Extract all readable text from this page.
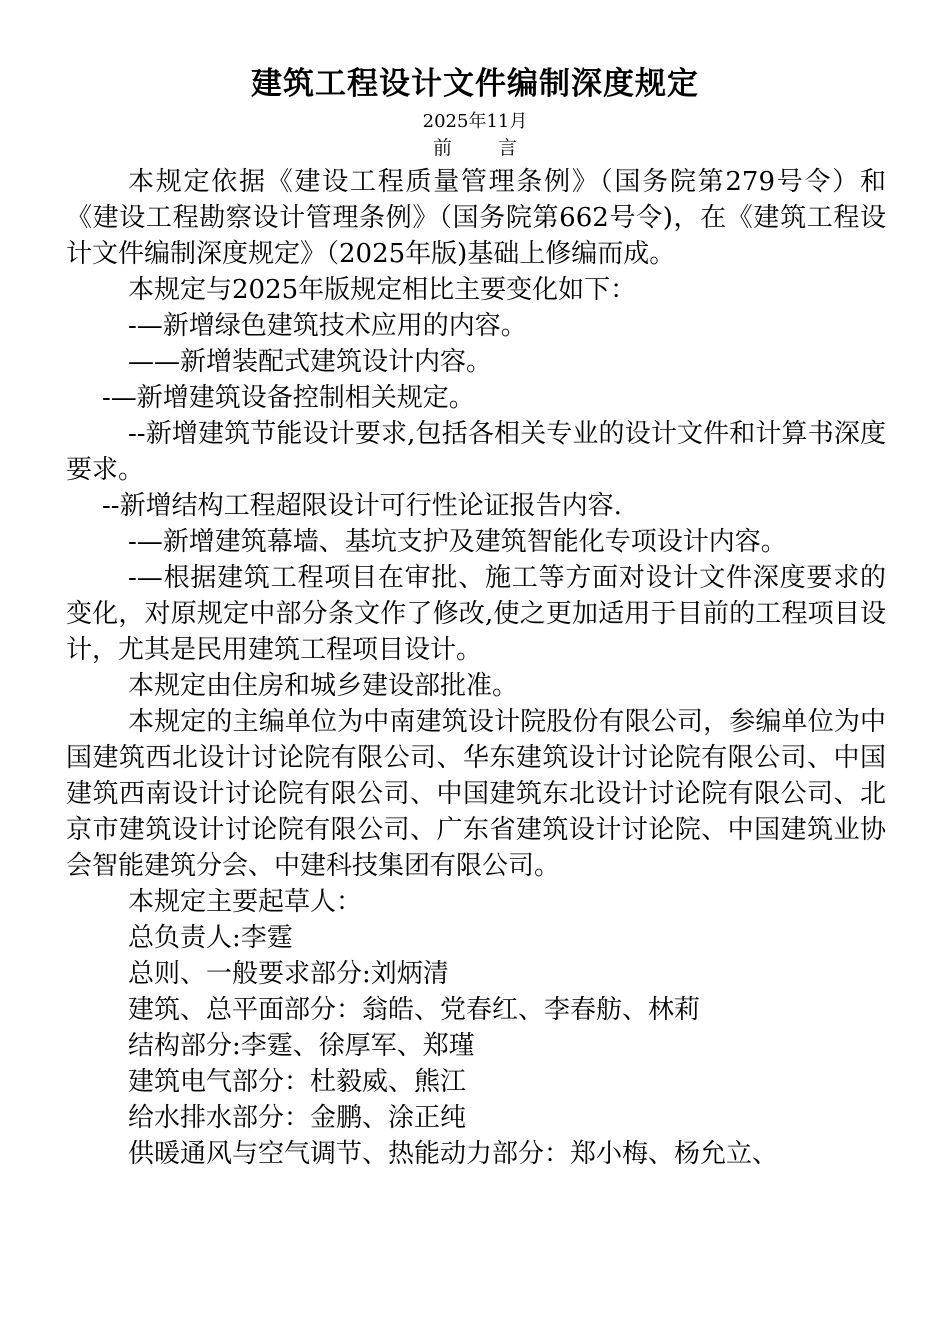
建筑工程设计文件编制深度规定
2025年11月
前 言

本规定依据《建设工程质量管理条例》（国务院第279号令）和《建设工程勘察设计管理条例》（国务院第662号令)，在《建筑工程设计文件编制深度规定》（2025年版)基础上修编而成。

本规定与2025年版规定相比主要变化如下：

-—新增绿色建筑技术应用的内容。

——新增装配式建筑设计内容。

-—新增建筑设备控制相关规定。

--新增建筑节能设计要求,包括各相关专业的设计文件和计算书深度要求。

--新增结构工程超限设计可行性论证报告内容.

-—新增建筑幕墙、基坑支护及建筑智能化专项设计内容。

-—根据建筑工程项目在审批、施工等方面对设计文件深度要求的变化，对原规定中部分条文作了修改,使之更加适用于目前的工程项目设计，尤其是民用建筑工程项目设计。

本规定由住房和城乡建设部批准。

本规定的主编单位为中南建筑设计院股份有限公司，参编单位为中国建筑西北设计讨论院有限公司、华东建筑设计讨论院有限公司、中国建筑西南设计讨论院有限公司、中国建筑东北设计讨论院有限公司、北京市建筑设计讨论院有限公司、广东省建筑设计讨论院、中国建筑业协会智能建筑分会、中建科技集团有限公司。

本规定主要起草人：

总负责人:李霆

总则、一般要求部分:刘炳清

建筑、总平面部分：翁皓、党春红、李春舫、林莉

结构部分:李霆、徐厚军、郑瑾

建筑电气部分：杜毅威、熊江

给水排水部分：金鹏、涂正纯

供暖通风与空气调节、热能动力部分：郑小梅、杨允立、
